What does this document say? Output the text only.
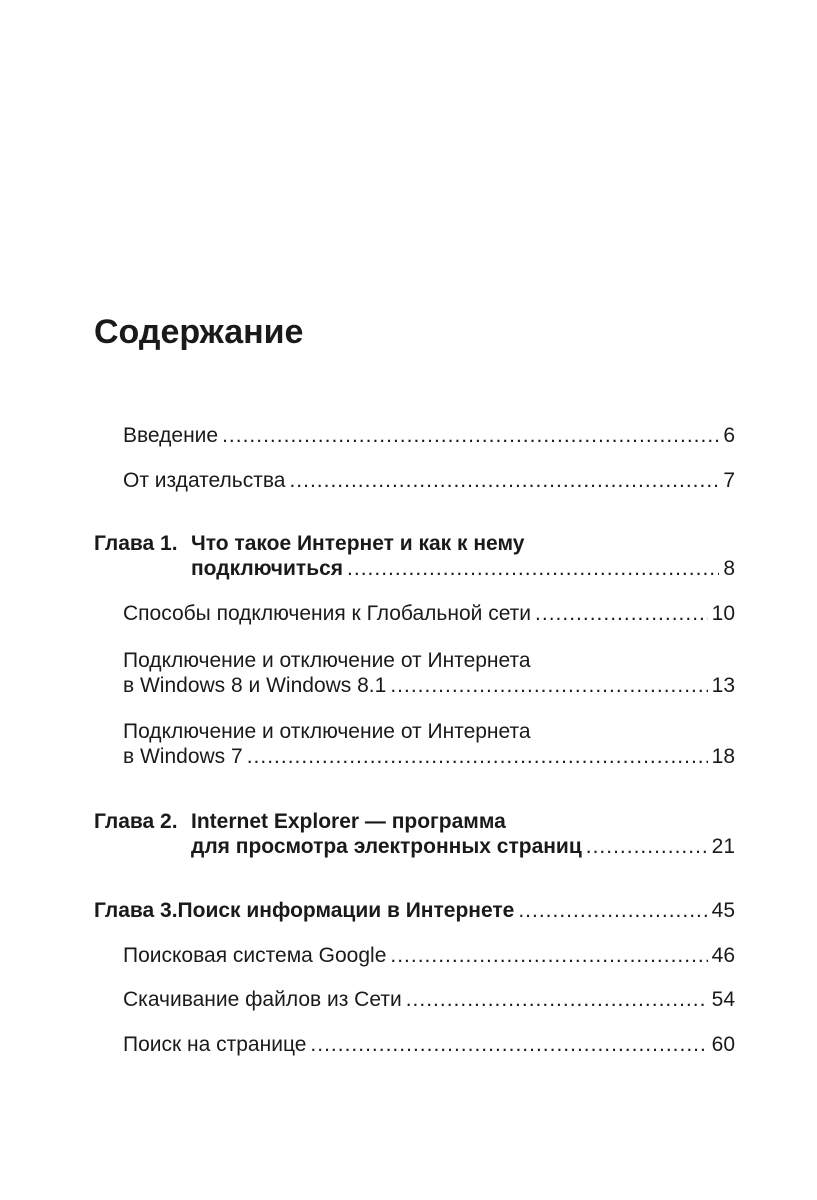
Содержание
Введение .....	6
От издательства .....	7
Глава 1. Что такое Интернет и как к нему
подключиться .....	8
Способы подключения к Глобальной сети .....	10
Подключение и отключение от Интернета
в Windows 8 и Windows 8.1 .....	13
Подключение и отключение от Интернета
в Windows 7 .....	18
Глава 2. Internet Explorer — программа
для просмотра электронных страниц .....	21
Глава 3. Поиск информации в Интернете .....	45
Поисковая система Google .....	46
Скачивание файлов из Сети .....	54
Поиск на странице .....	60
